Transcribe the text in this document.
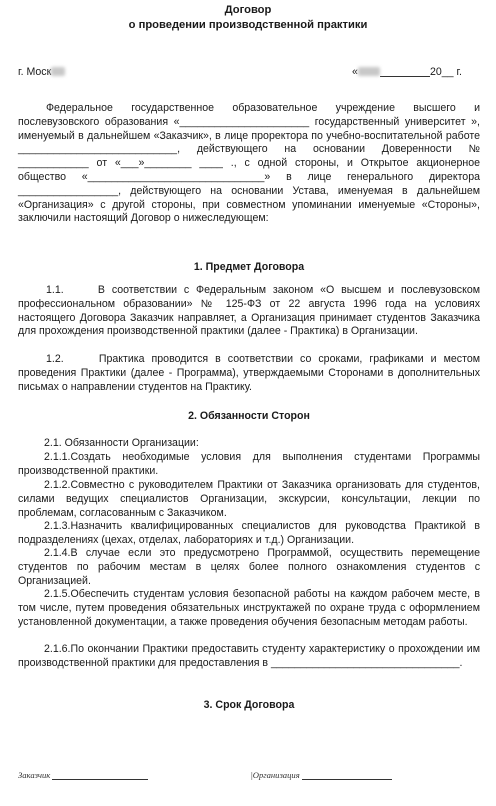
Договор
о проведении производственной практики
г. Моск	«	20__ г.
Федеральное государственное образовательное учреждение высшего и послевузовского образования «______________________ государственный университет », именуемый в дальнейшем «Заказчик», в лице проректора по учебно-воспитательной работе ___________________________, действующего на основании Доверенности № ____________ от «___»________ ____ ., с одной стороны, и Открытое акционерное общество «______________________________» в лице генерального директора _________________, действующего на основании Устава, именуемая в дальнейшем «Организация» с другой стороны, при совместном упоминании именуемые «Стороны», заключили настоящий Договор о нижеследующем:
1. Предмет Договора
1.1.	В соответствии с Федеральным законом «О высшем и послевузовском профессиональном образовании» № 125-ФЗ от 22 августа 1996 года на условиях настоящего Договора Заказчик направляет, а Организация принимает студентов Заказчика для прохождения производственной практики (далее - Практика) в Организации.
1.2.	Практика проводится в соответствии со сроками, графиками и местом проведения Практики (далее - Программа), утверждаемыми Сторонами в дополнительных письмах о направлении студентов на Практику.
2. Обязанности Сторон
2.1. Обязанности Организации:
2.1.1.Создать необходимые условия для выполнения студентами Программы производственной практики.
2.1.2.Совместно с руководителем Практики от Заказчика организовать для студентов, силами ведущих специалистов Организации, экскурсии, консультации, лекции по проблемам, согласованным с Заказчиком.
2.1.3.Назначить квалифицированных специалистов для руководства Практикой в подразделениях (цехах, отделах, лабораториях и т.д.) Организации.
2.1.4.В случае если это предусмотрено Программой, осуществить перемещение студентов по рабочим местам в целях более полного ознакомления студентов с Организацией.
2.1.5.Обеспечить студентам условия безопасной работы на каждом рабочем месте, в том числе, путем проведения обязательных инструктажей по охране труда с оформлением установленной документации, а также проведения обучения безопасным методам работы.
2.1.6.По окончании Практики предоставить студенту характеристику о прохождении им производственной практики для предоставления в ________________________________.
3. Срок Договора
Заказчик	|Организация
